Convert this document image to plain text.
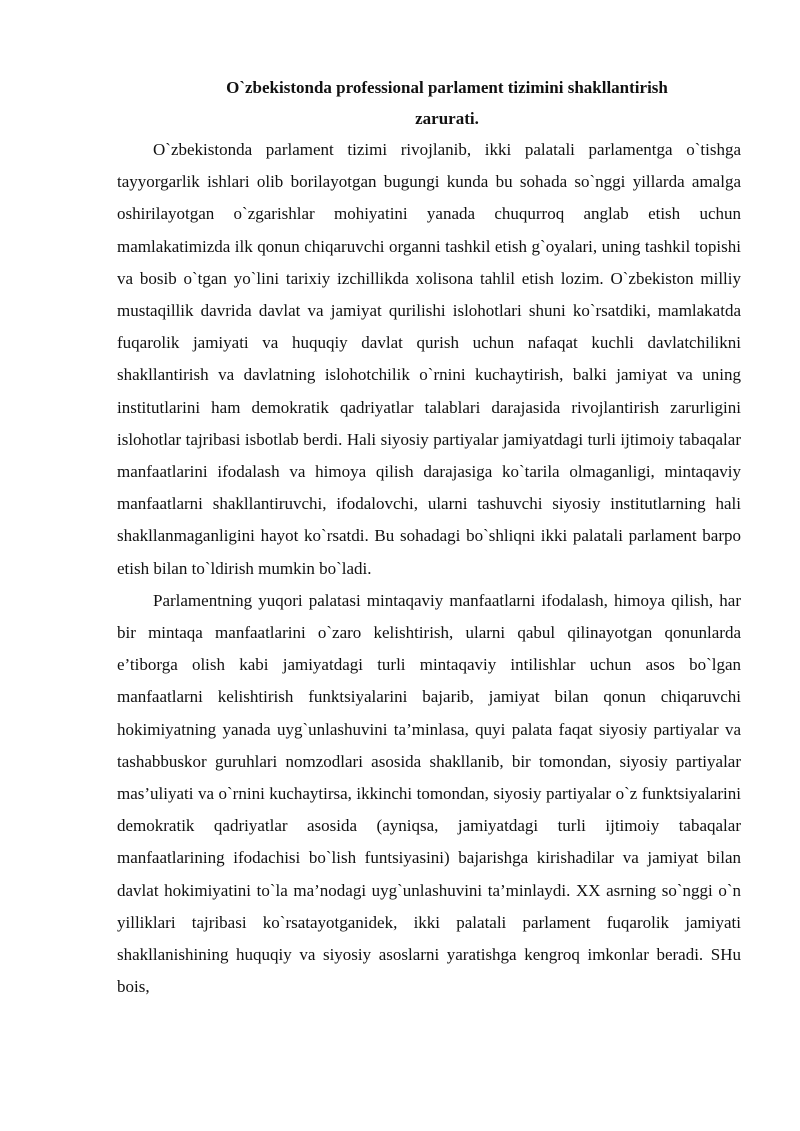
O`zbekistonda professional parlament tizimini shakllantirish
zarurati.

O`zbekistonda parlament tizimi rivojlanib, ikki palatali parlamentga o`tishga tayyorgarlik ishlari olib borilayotgan bugungi kunda bu sohada so`nggi yillarda amalga oshirilayotgan o`zgarishlar mohiyatini yanada chuqurroq anglab etish uchun mamlakatimizda ilk qonun chiqaruvchi organni tashkil etish g`oyalari, uning tashkil topishi va bosib o`tgan yo`lini tarixiy izchillikda xolisona tahlil etish lozim. O`zbekiston milliy mustaqillik davrida davlat va jamiyat qurilishi islohotlari shuni ko`rsatdiki, mamlakatda fuqarolik jamiyati va huquqiy davlat qurish uchun nafaqat kuchli davlatchilikni shakllantirish va davlatning islohotchilik o`rnini kuchaytirish, balki jamiyat va uning institutlarini ham demokratik qadriyatlar talablari darajasida rivojlantirish zarurligini islohotlar tajribasi isbotlab berdi. Hali siyosiy partiyalar jamiyatdagi turli ijtimoiy tabaqalar manfaatlarini ifodalash va himoya qilish darajasiga ko`tarila olmaganligi, mintaqaviy manfaatlarni shakllantiruvchi, ifodalovchi, ularni tashuvchi siyosiy institutlarning hali shakllanmaganligini hayot ko`rsatdi. Bu sohadagi bo`shliqni ikki palatali parlament barpo etish bilan to`ldirish mumkin bo`ladi.

Parlamentning yuqori palatasi mintaqaviy manfaatlarni ifodalash, himoya qilish, har bir mintaqa manfaatlarini o`zaro kelishtirish, ularni qabul qilinayotgan qonunlarda e’tiborga olish kabi jamiyatdagi turli mintaqaviy intilishlar uchun asos bo`lgan manfaatlarni kelishtirish funktsiyalarini bajarib, jamiyat bilan qonun chiqaruvchi hokimiyatning yanada uyg`unlashuvini ta’minlasa, quyi palata faqat siyosiy partiyalar va tashabbuskor guruhlari nomzodlari asosida shakllanib, bir tomondan, siyosiy partiyalar mas’uliyati va o`rnini kuchaytirsa, ikkinchi tomondan, siyosiy partiyalar o`z funktsiyalarini demokratik qadriyatlar asosida (ayniqsa, jamiyatdagi turli ijtimoiy tabaqalar manfaatlarining ifodachisi bo`lish funtsiyasini) bajarishga kirishadilar va jamiyat bilan davlat hokimiyatini to`la ma’nodagi uyg`unlashuvini ta’minlaydi. XX asrning so`nggi o`n yilliklari tajribasi ko`rsatayotganidek, ikki palatali parlament fuqarolik jamiyati shakllanishining huquqiy va siyosiy asoslarni yaratishga kengroq imkonlar beradi. SHu bois,
